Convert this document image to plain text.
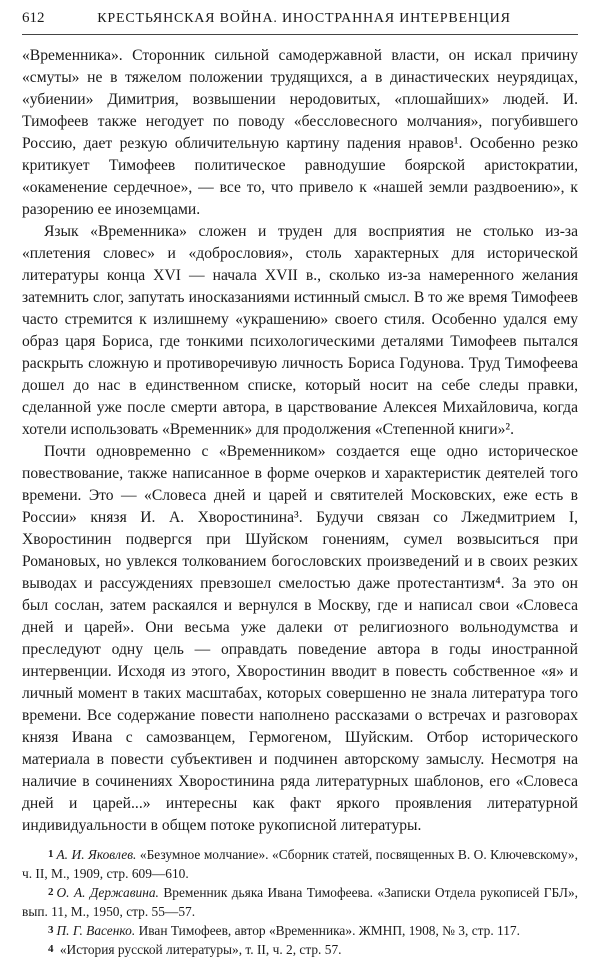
612	КРЕСТЬЯНСКАЯ ВОЙНА. ИНОСТРАННАЯ ИНТЕРВЕНЦИЯ

«Временника». Сторонник сильной самодержавной власти, он искал причину «смуты» не в тяжелом положении трудящихся, а в династических неурядицах, «убиении» Димитрия, возвышении неродовитых, «плошайших» людей. И. Тимофеев также негодует по поводу «бессловесного молчания», погубившего Россию, дает резкую обличительную картину падения нравов¹. Особенно резко критикует Тимофеев политическое равнодушие боярской аристократии, «окаменение сердечное», — все то, что привело к «нашей земли раздвоению», к разорению ее иноземцами.

Язык «Временника» сложен и труден для восприятия не столько из-за «плетения словес» и «добрословия», столь характерных для исторической литературы конца XVI — начала XVII в., сколько из-за намеренного желания затемнить слог, запутать иносказаниями истинный смысл. В то же время Тимофеев часто стремится к излишнему «украшению» своего стиля. Особенно удался ему образ царя Бориса, где тонкими психологическими деталями Тимофеев пытался раскрыть сложную и противоречивую личность Бориса Годунова. Труд Тимофеева дошел до нас в единственном списке, который носит на себе следы правки, сделанной уже после смерти автора, в царствование Алексея Михайловича, когда хотели использовать «Временник» для продолжения «Степенной книги»².

Почти одновременно с «Временником» создается еще одно историческое повествование, также написанное в форме очерков и характеристик деятелей того времени. Это — «Словеса дней и царей и святителей Московских, еже есть в России» князя И. А. Хворостинина³. Будучи связан со Лжедмитрием I, Хворостинин подвергся при Шуйском гонениям, сумел возвыситься при Романовых, но увлекся толкованием богословских произведений и в своих резких выводах и рассуждениях превзошел смелостью даже протестантизм⁴. За это он был сослан, затем раскаялся и вернулся в Москву, где и написал свои «Словеса дней и царей». Они весьма уже далеки от религиозного вольнодумства и преследуют одну цель — оправдать поведение автора в годы иностранной интервенции. Исходя из этого, Хворостинин вводит в повесть собственное «я» и личный момент в таких масштабах, которых совершенно не знала литература того времени. Все содержание повести наполнено рассказами о встречах и разговорах князя Ивана с самозванцем, Гермогеном, Шуйским. Отбор исторического материала в повести субъективен и подчинен авторскому замыслу. Несмотря на наличие в сочинениях Хворостинина ряда литературных шаблонов, его «Словеса дней и царей...» интересны как факт яркого проявления литературной индивидуальности в общем потоке рукописной литературы.

1 А. И. Яковлев. «Безумное молчание». «Сборник статей, посвященных В. О. Ключевскому», ч. II, М., 1909, стр. 609—610.

2 О. А. Державина. Временник дьяка Ивана Тимофеева. «Записки Отдела рукописей ГБЛ», вып. 11, М., 1950, стр. 55—57.

3 П. Г. Васенко. Иван Тимофеев, автор «Временника». ЖМНП, 1908, № 3, стр. 117.

4 «История русской литературы», т. II, ч. 2, стр. 57.
